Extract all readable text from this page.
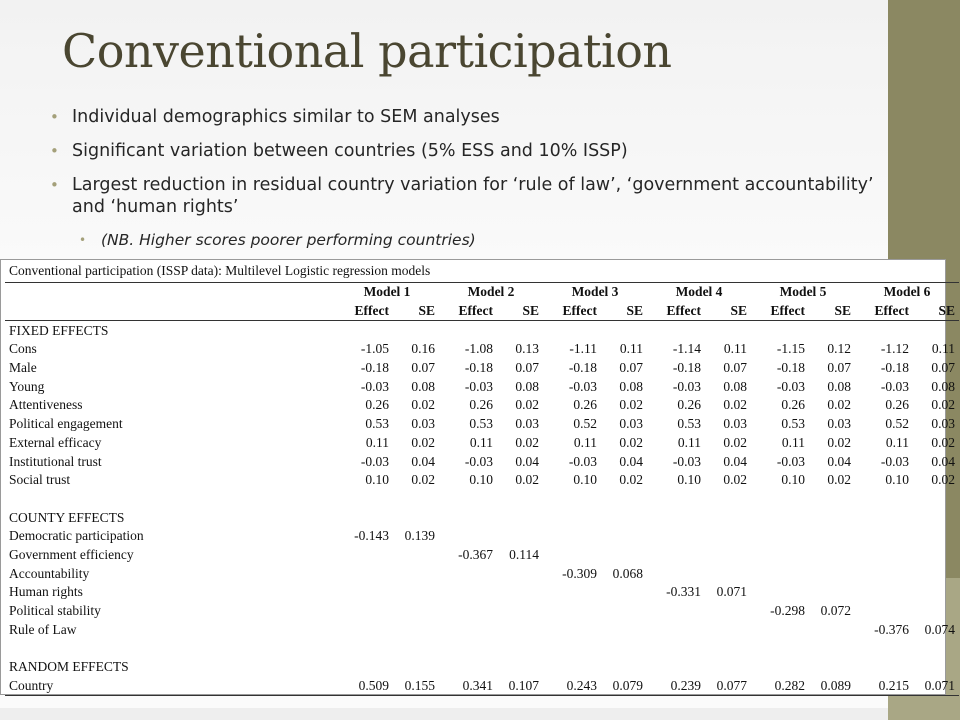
Conventional participation
• Individual demographics similar to SEM analyses
• Significant variation between countries (5% ESS and 10% ISSP)
• Largest reduction in residual country variation for ‘rule of law’, ‘government accountability’ and ‘human rights’
• (NB. Higher scores poorer performing countries)
Conventional participation (ISSP data): Multilevel Logistic regression models
	Model 1		Model 2		Model 3		Model 4		Model 5		Model 6	
	Effect	SE	Effect	SE	Effect	SE	Effect	SE	Effect	SE	Effect	SE
FIXED EFFECTS												
Cons	-1.05	0.16	-1.08	0.13	-1.11	0.11	-1.14	0.11	-1.15	0.12	-1.12	0.11
Male	-0.18	0.07	-0.18	0.07	-0.18	0.07	-0.18	0.07	-0.18	0.07	-0.18	0.07
Young	-0.03	0.08	-0.03	0.08	-0.03	0.08	-0.03	0.08	-0.03	0.08	-0.03	0.08
Attentiveness	0.26	0.02	0.26	0.02	0.26	0.02	0.26	0.02	0.26	0.02	0.26	0.02
Political engagement	0.53	0.03	0.53	0.03	0.52	0.03	0.53	0.03	0.53	0.03	0.52	0.03
External efficacy	0.11	0.02	0.11	0.02	0.11	0.02	0.11	0.02	0.11	0.02	0.11	0.02
Institutional trust	-0.03	0.04	-0.03	0.04	-0.03	0.04	-0.03	0.04	-0.03	0.04	-0.03	0.04
Social trust	0.10	0.02	0.10	0.02	0.10	0.02	0.10	0.02	0.10	0.02	0.10	0.02

COUNTY EFFECTS												
Democratic participation	-0.143	0.139										
Government efficiency			-0.367	0.114								
Accountability					-0.309	0.068						
Human rights							-0.331	0.071				
Political stability									-0.298	0.072		
Rule of Law											-0.376	0.074

RANDOM EFFECTS												
Country	0.509	0.155	0.341	0.107	0.243	0.079	0.239	0.077	0.282	0.089	0.215	0.071
